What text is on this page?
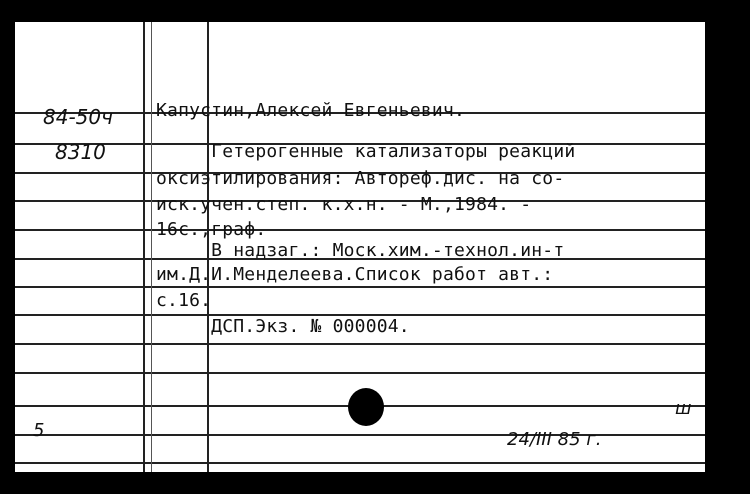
84-50ч
8310
5	24/III 85 г.
ш
Капустин,Алексей Евгеньевич.
Гетерогенные катализаторы реакций
оксиэтилирования: Автореф.дис. на со-
иск.учен.степ. к.х.н. - М.,1984. -
16с.,граф.
В надзаг.: Моск.хим.-технол.ин-т
им.Д.И.Менделеева.Список работ авт.:
с.16.
ДСП.Экз. № 000004.
